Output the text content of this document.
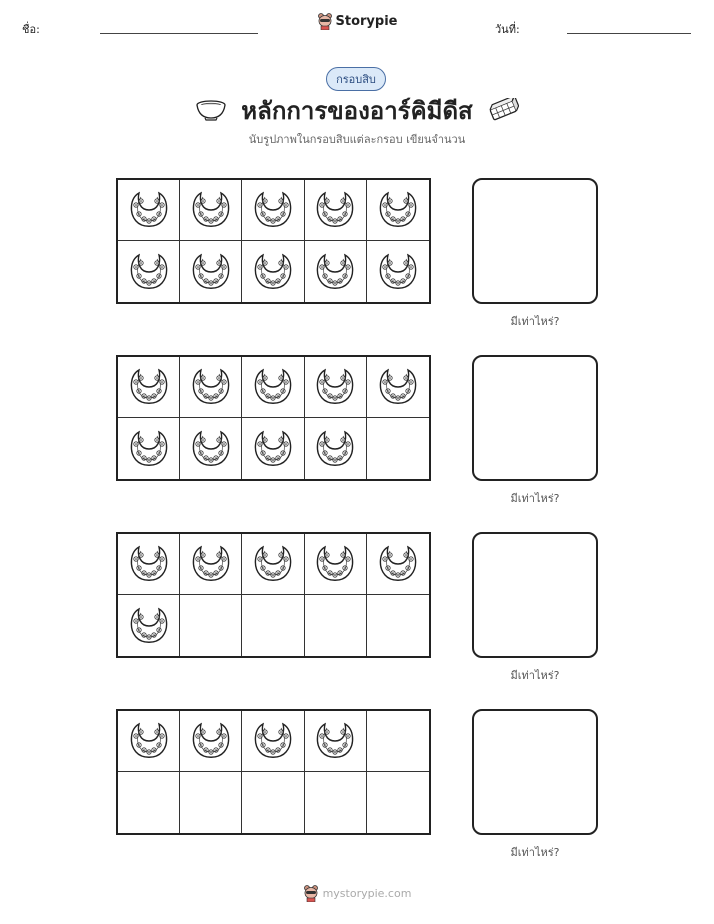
ชื่อ:
Storypie
วันที่:
กรอบสิบ
หลักการของอาร์คิมีดีส
นับรูปภาพในกรอบสิบแต่ละกรอบ เขียนจำนวน
มีเท่าไหร่?
มีเท่าไหร่?
มีเท่าไหร่?
มีเท่าไหร่?
mystorypie.com
